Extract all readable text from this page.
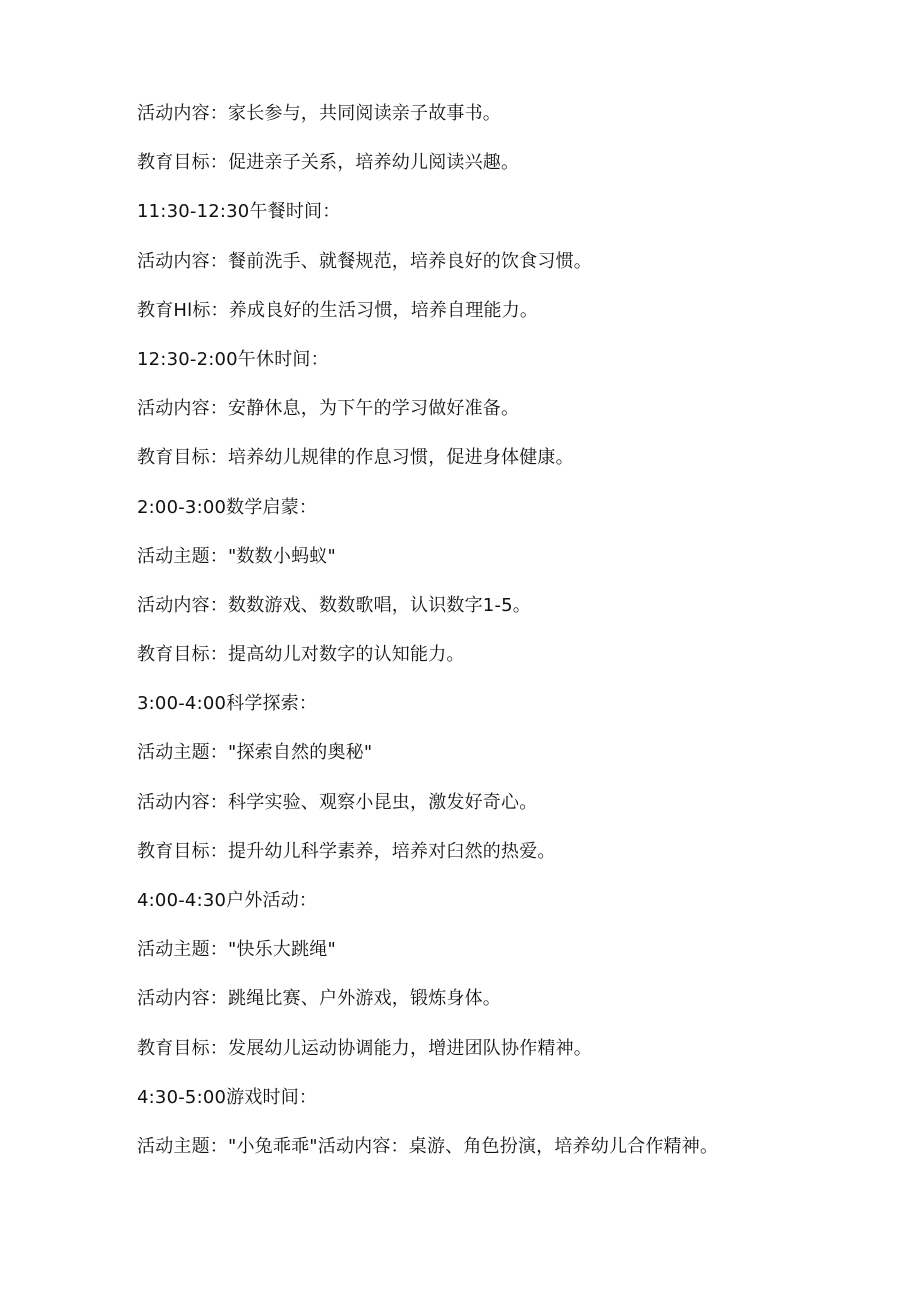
活动内容：家长参与，共同阅读亲子故事书。
教育目标：促进亲子关系，培养幼儿阅读兴趣。
11:30-12:30午餐时间：
活动内容：餐前洗手、就餐规范，培养良好的饮食习惯。
教育Hl标：养成良好的生活习惯，培养自理能力。
12:30-2:00午休时间：
活动内容：安静休息，为下午的学习做好准备。
教育目标：培养幼儿规律的作息习惯，促进身体健康。
2:00-3:00数学启蒙：
活动主题："数数小蚂蚁"
活动内容：数数游戏、数数歌唱，认识数字1-5。
教育目标：提高幼儿对数字的认知能力。
3:00-4:00科学探索：
活动主题："探索自然的奥秘"
活动内容：科学实验、观察小昆虫，激发好奇心。
教育目标：提升幼儿科学素养，培养对臼然的热爱。
4:00-4:30户外活动：
活动主题："快乐大跳绳"
活动内容：跳绳比赛、户外游戏，锻炼身体。
教育目标：发展幼儿运动协调能力，增进团队协作精神。
4:30-5:00游戏时间：
活动主题："小兔乖乖"活动内容：桌游、角色扮演，培养幼儿合作精神。
